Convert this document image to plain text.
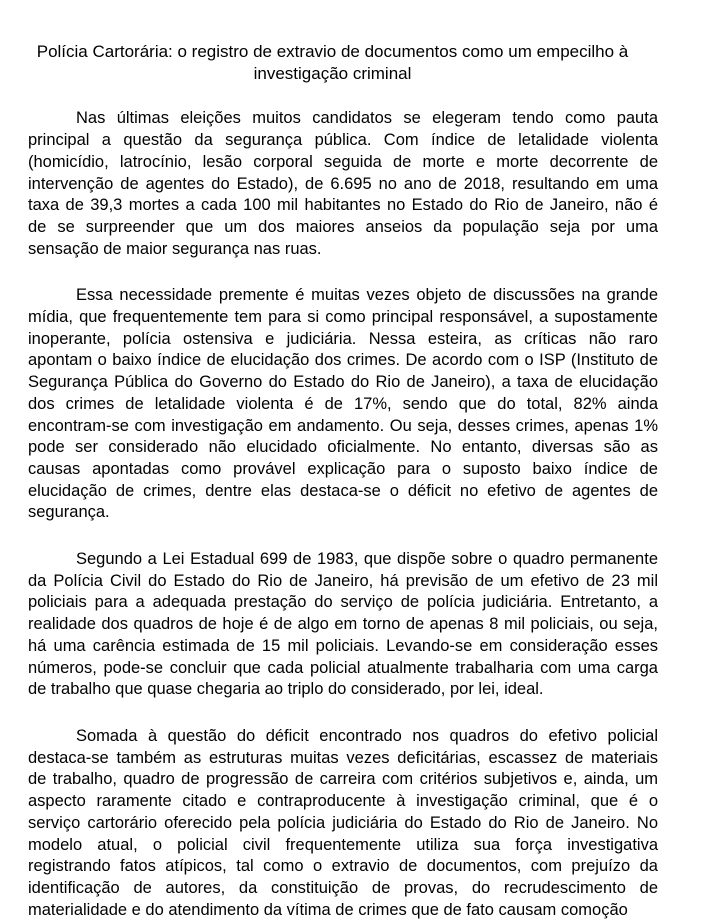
Polícia Cartorária: o registro de extravio de documentos como um empecilho à
investigação criminal
Nas últimas eleições muitos candidatos se elegeram tendo como pauta
principal a questão da segurança pública. Com índice de letalidade violenta
(homicídio, latrocínio, lesão corporal seguida de morte e morte decorrente de
intervenção de agentes do Estado), de 6.695 no ano de 2018, resultando em uma
taxa de 39,3 mortes a cada 100 mil habitantes no Estado do Rio de Janeiro, não é
de se surpreender que um dos maiores anseios da população seja por uma
sensação de maior segurança nas ruas.
Essa necessidade premente é muitas vezes objeto de discussões na grande
mídia, que frequentemente tem para si como principal responsável, a supostamente
inoperante, polícia ostensiva e judiciária. Nessa esteira, as críticas não raro
apontam o baixo índice de elucidação dos crimes. De acordo com o ISP (Instituto de
Segurança Pública do Governo do Estado do Rio de Janeiro), a taxa de elucidação
dos crimes de letalidade violenta é de 17%, sendo que do total, 82% ainda
encontram-se com investigação em andamento. Ou seja, desses crimes, apenas 1%
pode ser considerado não elucidado oficialmente. No entanto, diversas são as
causas apontadas como provável explicação para o suposto baixo índice de
elucidação de crimes, dentre elas destaca-se o déficit no efetivo de agentes de
segurança.
Segundo a Lei Estadual 699 de 1983, que dispõe sobre o quadro permanente
da Polícia Civil do Estado do Rio de Janeiro, há previsão de um efetivo de 23 mil
policiais para a adequada prestação do serviço de polícia judiciária. Entretanto, a
realidade dos quadros de hoje é de algo em torno de apenas 8 mil policiais, ou seja,
há uma carência estimada de 15 mil policiais. Levando-se em consideração esses
números, pode-se concluir que cada policial atualmente trabalharia com uma carga
de trabalho que quase chegaria ao triplo do considerado, por lei, ideal.
Somada à questão do déficit encontrado nos quadros do efetivo policial
destaca-se também as estruturas muitas vezes deficitárias, escassez de materiais
de trabalho, quadro de progressão de carreira com critérios subjetivos e, ainda, um
aspecto raramente citado e contraproducente à investigação criminal, que é o
serviço cartorário oferecido pela polícia judiciária do Estado do Rio de Janeiro. No
modelo atual, o policial civil frequentemente utiliza sua força investigativa
registrando fatos atípicos, tal como o extravio de documentos, com prejuízo da
identificação de autores, da constituição de provas, do recrudescimento de
materialidade e do atendimento da vítima de crimes que de fato causam comoção
